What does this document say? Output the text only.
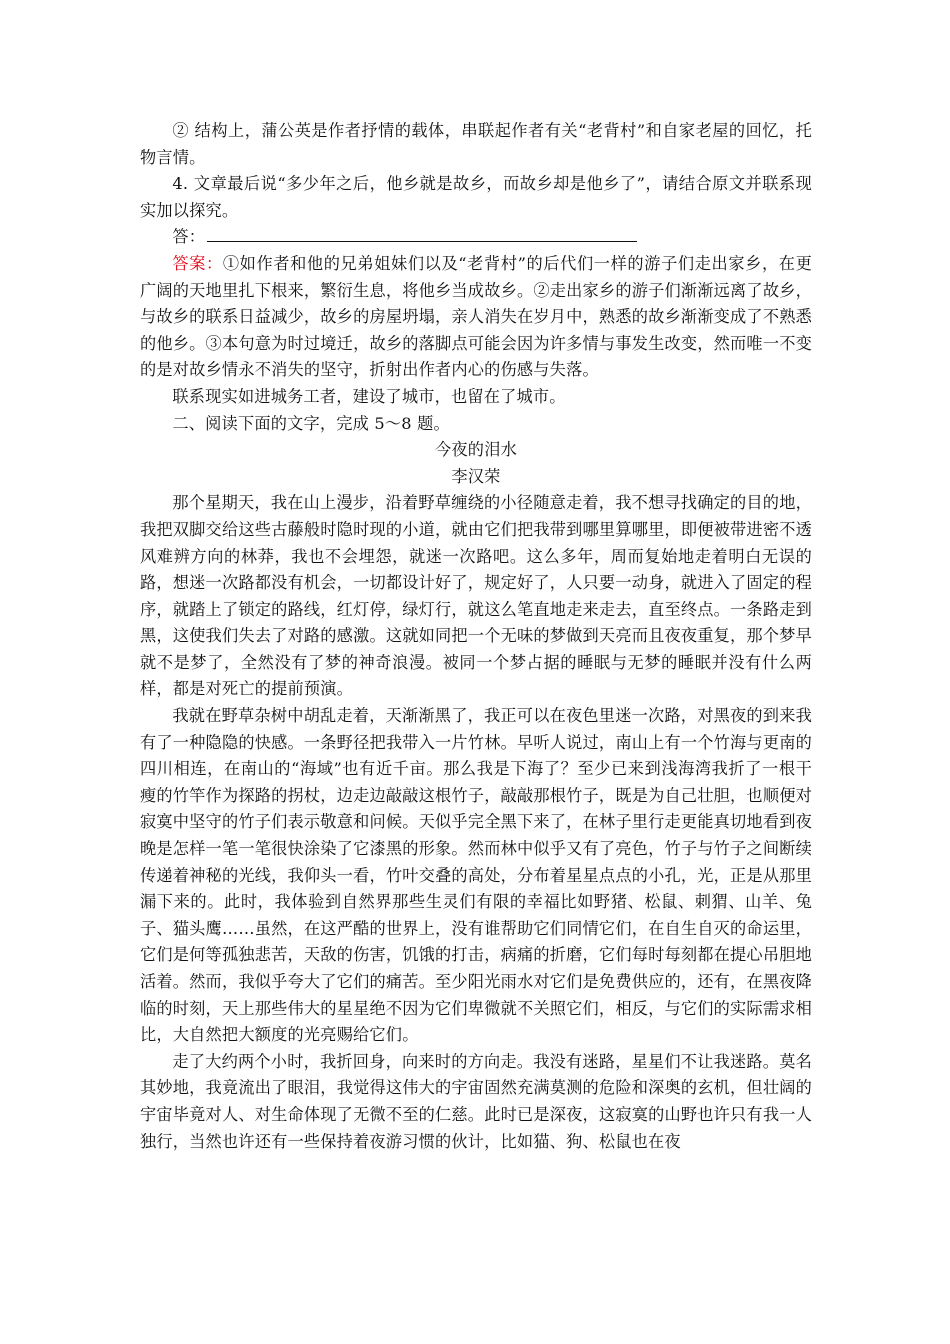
② 结构上，蒲公英是作者抒情的载体，串联起作者有关“老背村”和自家老屋的回忆，托物言情。

4. 文章最后说“多少年之后，他乡就是故乡，而故乡却是他乡了”，请结合原文并联系现实加以探究。

答：

答案：①如作者和他的兄弟姐妹们以及“老背村”的后代们一样的游子们走出家乡，在更广阔的天地里扎下根来，繁衍生息，将他乡当成故乡。②走出家乡的游子们渐渐远离了故乡，与故乡的联系日益减少，故乡的房屋坍塌，亲人消失在岁月中，熟悉的故乡渐渐变成了不熟悉的他乡。③本句意为时过境迁，故乡的落脚点可能会因为许多情与事发生改变，然而唯一不变的是对故乡情永不消失的坚守，折射出作者内心的伤感与失落。

联系现实如进城务工者，建设了城市，也留在了城市。

二、阅读下面的文字，完成 5～8 题。

今夜的泪水

李汉荣

那个星期天，我在山上漫步，沿着野草缠绕的小径随意走着，我不想寻找确定的目的地，我把双脚交给这些古藤般时隐时现的小道，就由它们把我带到哪里算哪里，即便被带进密不透风难辨方向的林莽，我也不会埋怨，就迷一次路吧。这么多年，周而复始地走着明白无误的路，想迷一次路都没有机会，一切都设计好了，规定好了，人只要一动身，就进入了固定的程序，就踏上了锁定的路线，红灯停，绿灯行，就这么笔直地走来走去，直至终点。一条路走到黑，这使我们失去了对路的感激。这就如同把一个无味的梦做到天亮而且夜夜重复，那个梦早就不是梦了，全然没有了梦的神奇浪漫。被同一个梦占据的睡眠与无梦的睡眠并没有什么两样，都是对死亡的提前预演。

我就在野草杂树中胡乱走着，天渐渐黑了，我正可以在夜色里迷一次路，对黑夜的到来我有了一种隐隐的快感。一条野径把我带入一片竹林。早听人说过，南山上有一个竹海与更南的四川相连，在南山的“海域”也有近千亩。那么我是下海了？至少已来到浅海湾我折了一根干瘦的竹竿作为探路的拐杖，边走边敲敲这根竹子，敲敲那根竹子，既是为自己壮胆，也顺便对寂寞中坚守的竹子们表示敬意和问候。天似乎完全黑下来了，在林子里行走更能真切地看到夜晚是怎样一笔一笔很快涂染了它漆黑的形象。然而林中似乎又有了亮色，竹子与竹子之间断续传递着神秘的光线，我仰头一看，竹叶交叠的高处，分布着星星点点的小孔，光，正是从那里漏下来的。此时，我体验到自然界那些生灵们有限的幸福比如野猪、松鼠、刺猬、山羊、兔子、猫头鹰……虽然，在这严酷的世界上，没有谁帮助它们同情它们，在自生自灭的命运里，它们是何等孤独悲苦，天敌的伤害，饥饿的打击，病痛的折磨，它们每时每刻都在提心吊胆地活着。然而，我似乎夸大了它们的痛苦。至少阳光雨水对它们是免费供应的，还有，在黑夜降临的时刻，天上那些伟大的星星绝不因为它们卑微就不关照它们，相反，与它们的实际需求相比，大自然把大额度的光亮赐给它们。

走了大约两个小时，我折回身，向来时的方向走。我没有迷路，星星们不让我迷路。莫名其妙地，我竟流出了眼泪，我觉得这伟大的宇宙固然充满莫测的危险和深奥的玄机，但壮阔的宇宙毕竟对人、对生命体现了无微不至的仁慈。此时已是深夜，这寂寞的山野也许只有我一人独行，当然也许还有一些保持着夜游习惯的伙计，比如猫、狗、松鼠也在夜
